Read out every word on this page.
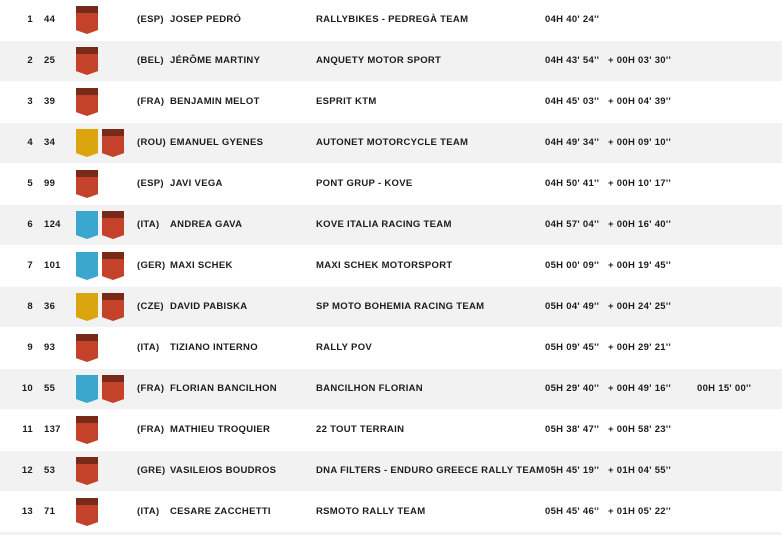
1 44	(ESP) JOSEP PEDRÓ	RALLYBIKES - PEDREGÀ TEAM	04H 40' 24''
2 25	(BEL) JÉRÔME MARTINY	ANQUETY MOTOR SPORT	04H 43' 54'' + 00H 03' 30''
3 39	(FRA) BENJAMIN MELOT	ESPRIT KTM	04H 45' 03'' + 00H 04' 39''
4 34	(ROU) EMANUEL GYENES	AUTONET MOTORCYCLE TEAM	04H 49' 34'' + 00H 09' 10''
5 99	(ESP) JAVI VEGA	PONT GRUP - KOVE	04H 50' 41'' + 00H 10' 17''
6 124	(ITA)	ANDREA GAVA	KOVE ITALIA RACING TEAM	04H 57' 04'' + 00H 16' 40''
7 101	(GER) MAXI SCHEK	MAXI SCHEK MOTORSPORT	05H 00' 09'' + 00H 19' 45''
8 36	(CZE) DAVID PABISKA	SP MOTO BOHEMIA RACING TEAM	05H 04' 49'' + 00H 24' 25''
9 93	(ITA)	TIZIANO INTERNO	RALLY POV	05H 09' 45'' + 00H 29' 21''
10 55	(FRA) FLORIAN BANCILHON	BANCILHON FLORIAN	05H 29' 40'' + 00H 49' 16''	00H 15' 00''
11 137	(FRA) MATHIEU TROQUIER	22 TOUT TERRAIN	05H 38' 47'' + 00H 58' 23''
12 53	(GRE) VASILEIOS BOUDROS	DNA FILTERS - ENDURO GREECE RALLY TEAM 05H 45' 19'' + 01H 04' 55''
13 71	(ITA)	CESARE ZACCHETTI	RSMOTO RALLY TEAM	05H 45' 46'' + 01H 05' 22''
